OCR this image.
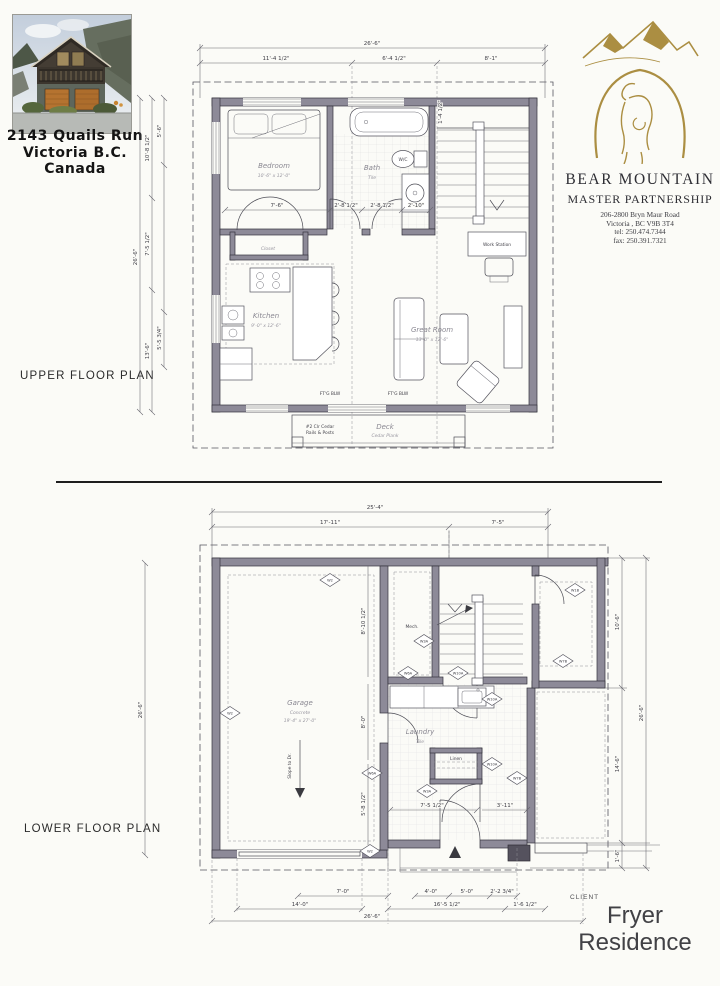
2143 Quails Run
Victoria B.C.
Canada
BEAR MOUNTAIN
MASTER PARTNERSHIP
206-2800 Bryn Maur Road
Victoria , BC V9B 3T4
tel: 250.474.7344
fax: 250.391.7321
UPPER FLOOR PLAN
LOWER FLOOR PLAN
CLIENT
Fryer
Residence
Bedroom
10'-6" x 12'-0"
Closet
W/C
Bath
Tile
Work Station
Kitchen
9'-0" x 12'-6"	Great Room
13'-0" x 12'-6"
FT'G BLW	FT'G BLW
Deck
Cedar Plank
#2 Clr Cedar
Rails & Posts
26'-6"
11'-4 1/2"	6'-4 1/2"	8'-1"
26'-6"
10'-8 1/2"
7'-5 1/2"
13'-6"
5'-6"
5'-5 3/4"
7'-6"	2'-8 1/2" 2'-8 1/2"	2'-10"
1'-4 1/2"
Laundry
Tile
Linen
Mech.
Garage
Concrete
19'-4" x 27'-0"
Slope to Dr.
W2
W1B
W3A
W6A	W10A
W7B
W2
W10A
W6A
W3A
W10A
W7B
W2
25'-4"
17'-11"	7'-5"
26'-6"
10'-6"
14'-6"
1'-6"
26'-6"
8'-10 1/2"
8'-0"
5'-8 1/2"	7'-5 1/2"	3'-11"
7'-0"	4'-0"	5'-0"	2'-2 3/4"
14'-0"	16'-5 1/2"	1'-6 1/2"
26'-6"
